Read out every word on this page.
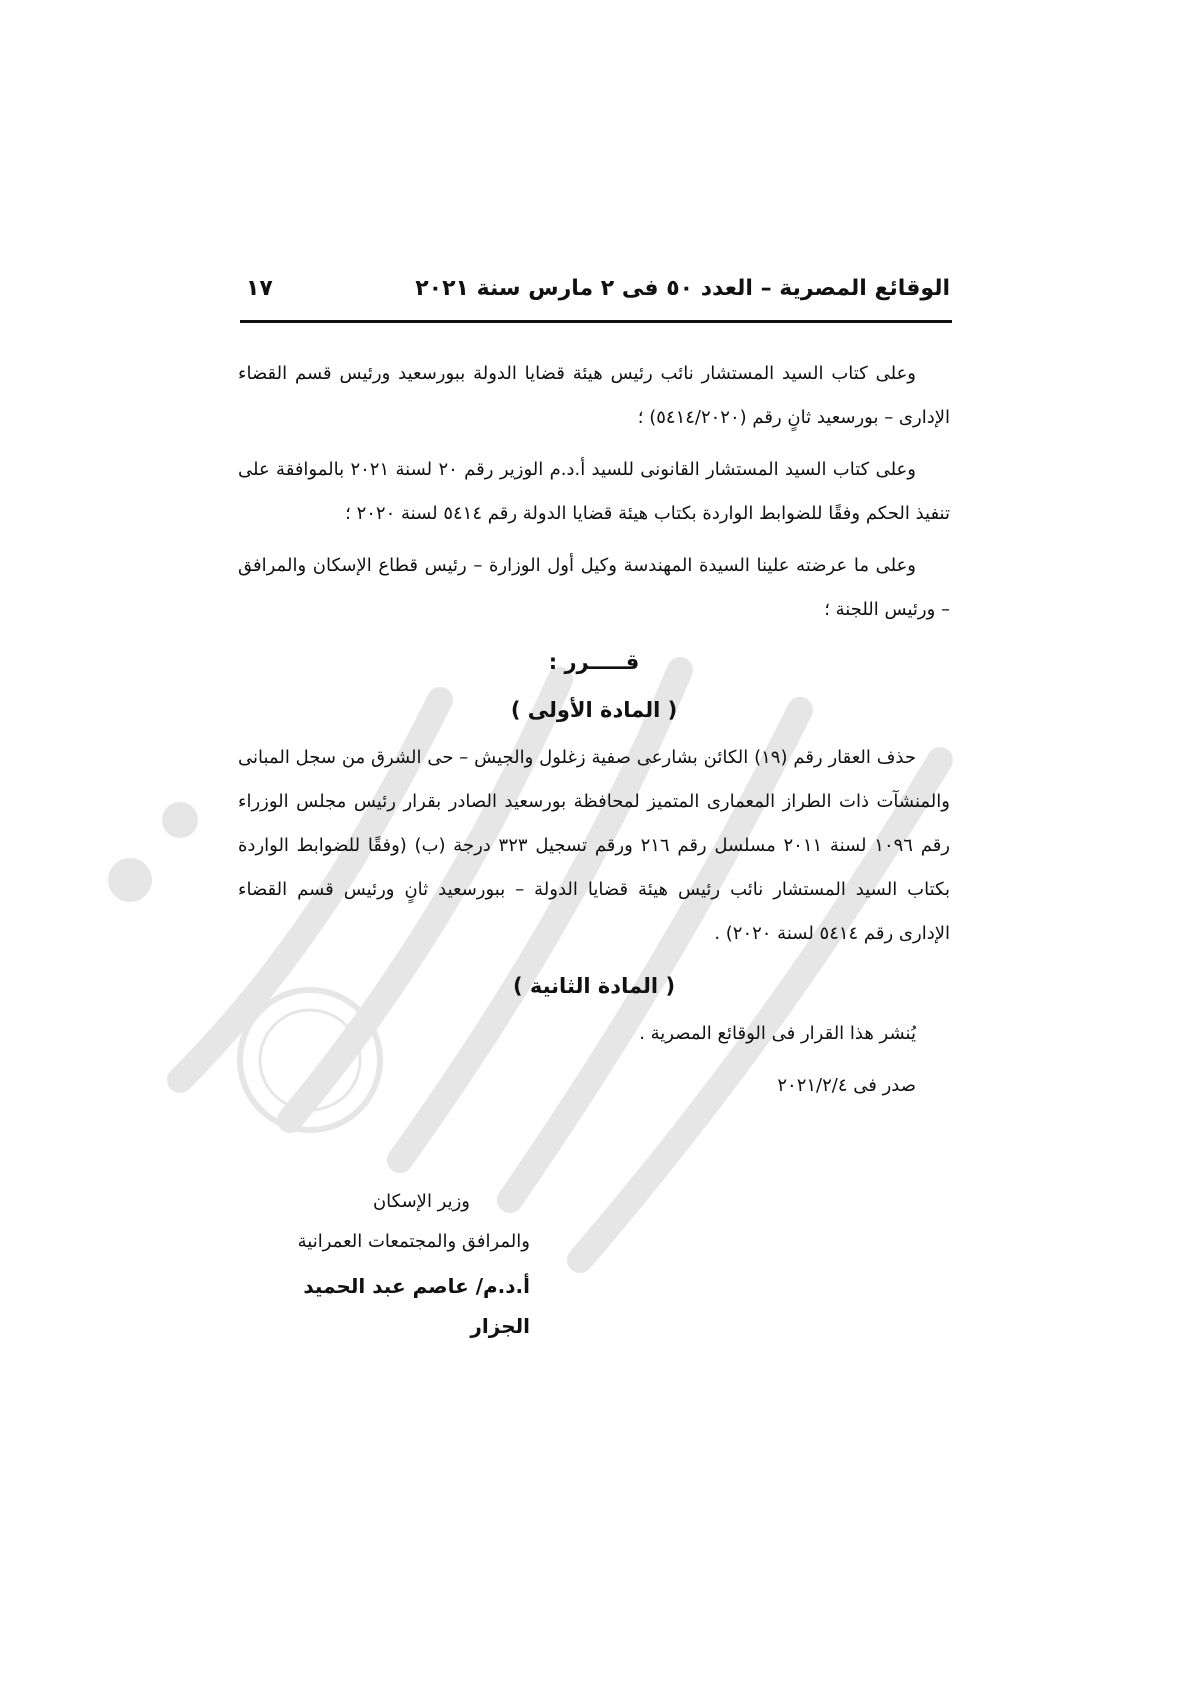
الوقائع المصرية – العدد ٥٠ فى ٢ مارس سنة ٢٠٢١
١٧

وعلى كتاب السيد المستشار نائب رئيس هيئة قضايا الدولة ببورسعيد ورئيس قسم القضاء الإدارى – بورسعيد ثانٍ رقم (٥٤١٤/٢٠٢٠) ؛

وعلى كتاب السيد المستشار القانونى للسيد أ.د.م الوزير رقم ٢٠ لسنة ٢٠٢١ بالموافقة على تنفيذ الحكم وفقًا للضوابط الواردة بكتاب هيئة قضايا الدولة رقم ٥٤١٤ لسنة ٢٠٢٠ ؛

وعلى ما عرضته علينا السيدة المهندسة وكيل أول الوزارة – رئيس قطاع الإسكان والمرافق – ورئيس اللجنة ؛

قـــــرر :
( المادة الأولى )

حذف العقار رقم (١٩) الكائن بشارعى صفية زغلول والجيش – حى الشرق من سجل المبانى والمنشآت ذات الطراز المعمارى المتميز لمحافظة بورسعيد الصادر بقرار رئيس مجلس الوزراء رقم ١٠٩٦ لسنة ٢٠١١ مسلسل رقم ٢١٦ ورقم تسجيل ٣٢٣ درجة (ب) (وفقًا للضوابط الواردة بكتاب السيد المستشار نائب رئيس هيئة قضايا الدولة – ببورسعيد ثانٍ ورئيس قسم القضاء الإدارى رقم ٥٤١٤ لسنة ٢٠٢٠) .

( المادة الثانية )

يُنشر هذا القرار فى الوقائع المصرية .

صدر فى ٢٠٢١/٢/٤

وزير الإسكان
والمرافق والمجتمعات العمرانية
أ.د.م/ عاصم عبد الحميد الجزار
